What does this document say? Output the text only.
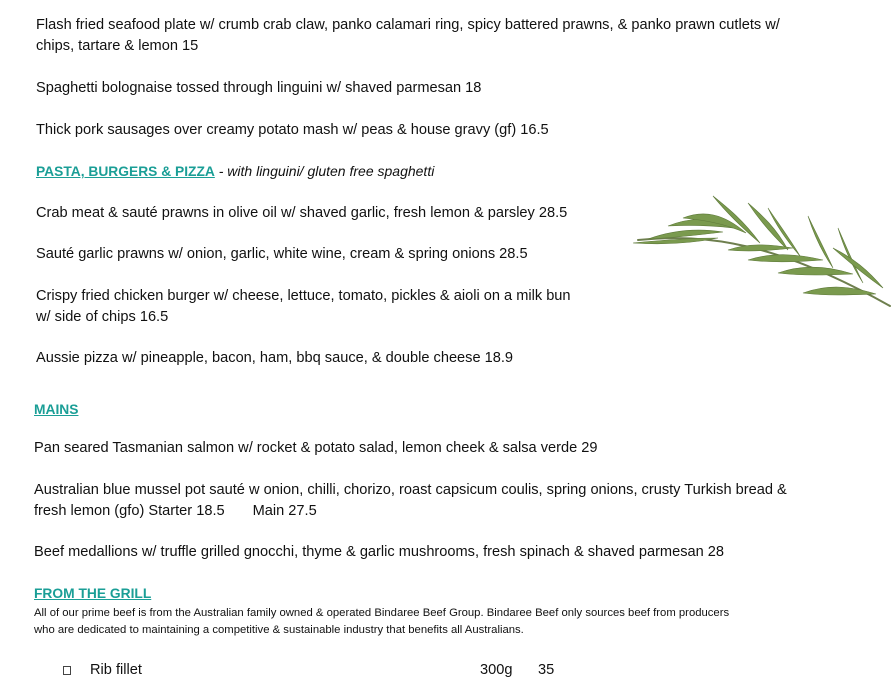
Flash fried seafood plate w/ crumb crab claw, panko calamari ring, spicy battered prawns, & panko prawn cutlets w/
chips, tartare & lemon 15
Spaghetti bolognaise tossed through linguini w/ shaved parmesan 18
Thick pork sausages over creamy potato mash w/ peas & house gravy (gf) 16.5
PASTA, BURGERS & PIZZA - with linguini/ gluten free spaghetti
Crab meat & sauté prawns in olive oil w/ shaved garlic, fresh lemon & parsley 28.5
Sauté garlic prawns w/ onion, garlic, white wine, cream & spring onions 28.5
Crispy fried chicken burger w/ cheese, lettuce, tomato, pickles & aioli on a milk bun
w/ side of chips 16.5
Aussie pizza w/ pineapple, bacon, ham, bbq sauce, & double cheese 18.9
MAINS
Pan seared Tasmanian salmon w/ rocket & potato salad, lemon cheek & salsa verde 29
Australian blue mussel pot sauté w onion, chilli, chorizo, roast capsicum coulis, spring onions, crusty Turkish bread &
fresh lemon (gfo) Starter 18.5 Main 27.5
Beef medallions w/ truffle grilled gnocchi, thyme & garlic mushrooms, fresh spinach & shaved parmesan 28
FROM THE GRILL
All of our prime beef is from the Australian family owned & operated Bindaree Beef Group. Bindaree Beef only sources beef from producers
who are dedicated to maintaining a competitive & sustainable industry that benefits all Australians.
Rib fillet	300g 35
